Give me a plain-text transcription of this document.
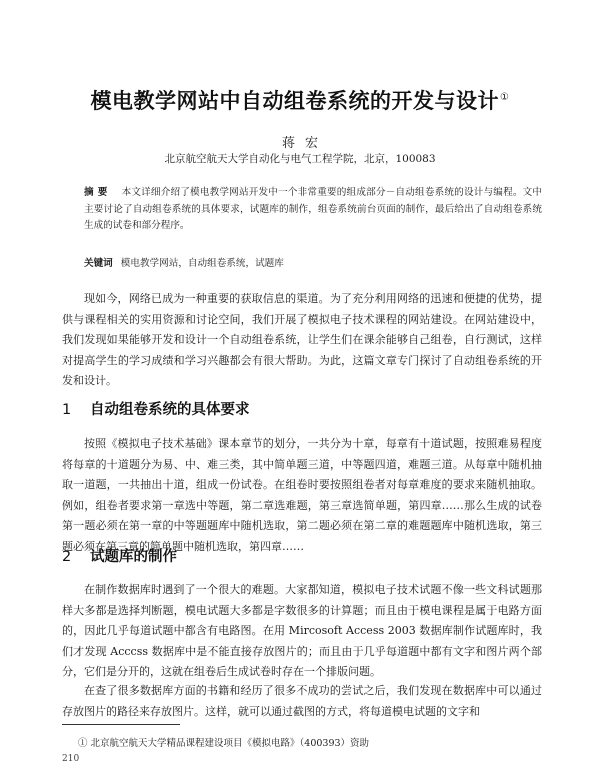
模电教学网站中自动组卷系统的开发与设计①
蒋宏
北京航空航天大学自动化与电气工程学院，北京，100083
摘要 本文详细介绍了模电教学网站开发中一个非常重要的组成部分－自动组卷系统的设计与编程。文中主要讨论了自动组卷系统的具体要求，试题库的制作，组卷系统前台页面的制作，最后给出了自动组卷系统生成的试卷和部分程序。
关键词 模电教学网站，自动组卷系统，试题库
现如今，网络已成为一种重要的获取信息的渠道。为了充分利用网络的迅速和便捷的优势，提供与课程相关的实用资源和讨论空间，我们开展了模拟电子技术课程的网站建设。在网站建设中，我们发现如果能够开发和设计一个自动组卷系统，让学生们在课余能够自己组卷，自行测试，这样对提高学生的学习成绩和学习兴趣都会有很大帮助。为此，这篇文章专门探讨了自动组卷系统的开发和设计。
1 自动组卷系统的具体要求
按照《模拟电子技术基础》课本章节的划分，一共分为十章，每章有十道试题，按照难易程度将每章的十道题分为易、中、难三类，其中简单题三道，中等题四道，难题三道。从每章中随机抽取一道题，一共抽出十道，组成一份试卷。在组卷时要按照组卷者对每章难度的要求来随机抽取。例如，组卷者要求第一章选中等题，第二章选难题，第三章选简单题，第四章……那么生成的试卷第一题必须在第一章的中等题题库中随机选取，第二题必须在第二章的难题题库中随机选取，第三题必须在第三章的简单题中随机选取，第四章……
2 试题库的制作
在制作数据库时遇到了一个很大的难题。大家都知道，模拟电子技术试题不像一些文科试题那样大多都是选择判断题，模电试题大多都是字数很多的计算题；而且由于模电课程是属于电路方面的，因此几乎每道试题中都含有电路图。在用 Mircosoft Access 2003 数据库制作试题库时，我们才发现 Acccss 数据库中是不能直接存放图片的；而且由于几乎每道题中都有文字和图片两个部分，它们是分开的，这就在组卷后生成试卷时存在一个排版问题。
在查了很多数据库方面的书籍和经历了很多不成功的尝试之后，我们发现在数据库中可以通过存放图片的路径来存放图片。这样，就可以通过截图的方式，将每道模电试题的文字和
① 北京航空航天大学精品课程建设项目《模拟电路》（400393）资助
210
